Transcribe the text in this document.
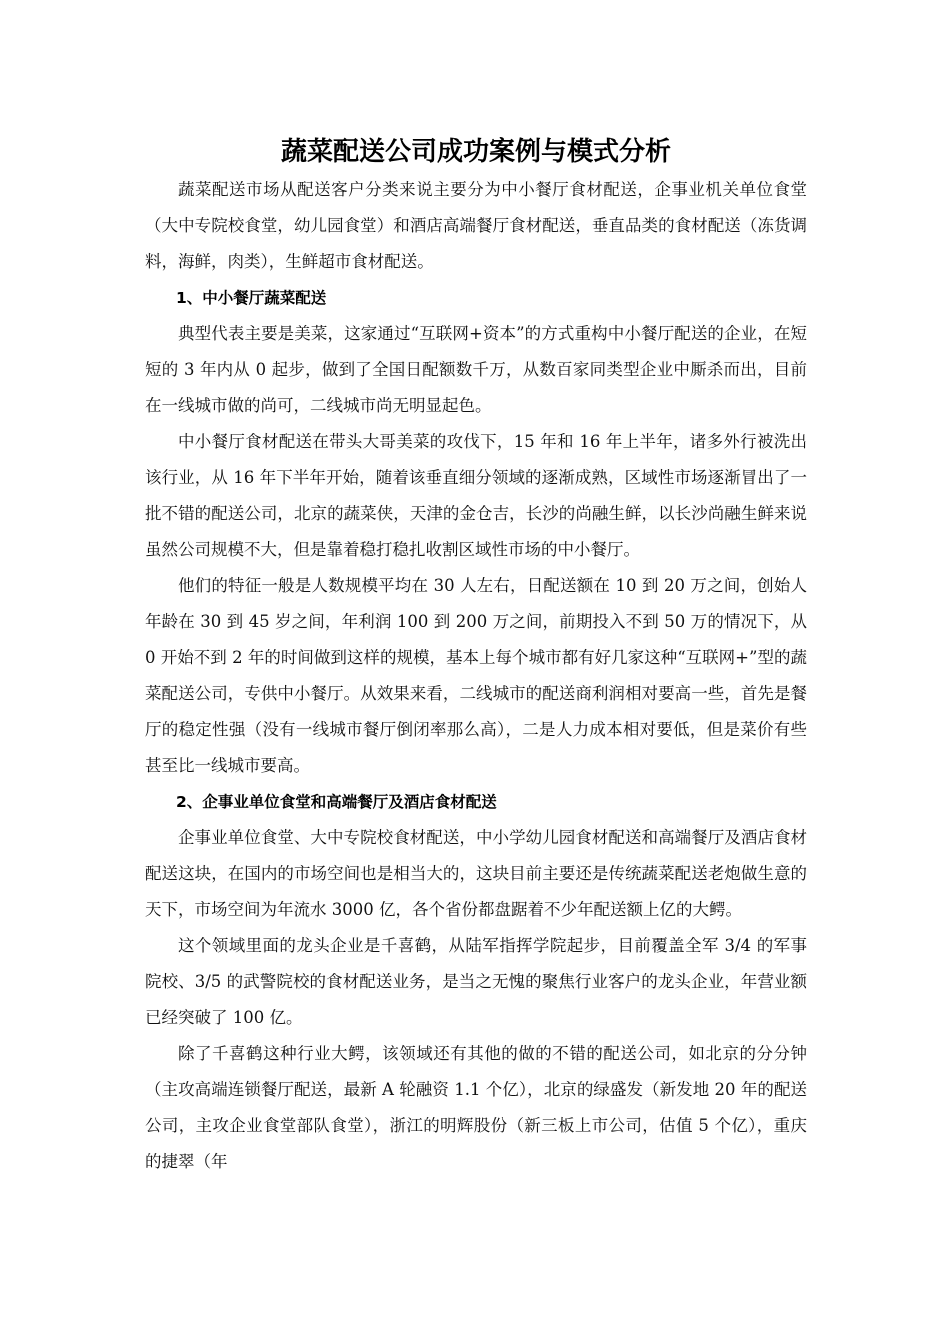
蔬菜配送公司成功案例与模式分析

蔬菜配送市场从配送客户分类来说主要分为中小餐厅食材配送，企事业机关单位食堂（大中专院校食堂，幼儿园食堂）和酒店高端餐厅食材配送，垂直品类的食材配送（冻货调料，海鲜，肉类），生鲜超市食材配送。

1、中小餐厅蔬菜配送

典型代表主要是美菜，这家通过“互联网+资本”的方式重构中小餐厅配送的企业，在短短的 3 年内从 0 起步，做到了全国日配额数千万，从数百家同类型企业中厮杀而出，目前在一线城市做的尚可，二线城市尚无明显起色。

中小餐厅食材配送在带头大哥美菜的攻伐下，15 年和 16 年上半年，诸多外行被洗出该行业，从 16 年下半年开始，随着该垂直细分领域的逐渐成熟，区域性市场逐渐冒出了一批不错的配送公司，北京的蔬菜侠，天津的金仓吉，长沙的尚融生鲜，以长沙尚融生鲜来说虽然公司规模不大，但是靠着稳打稳扎收割区域性市场的中小餐厅。

他们的特征一般是人数规模平均在 30 人左右，日配送额在 10 到 20 万之间，创始人年龄在 30 到 45 岁之间，年利润 100 到 200 万之间，前期投入不到 50 万的情况下，从 0 开始不到 2 年的时间做到这样的规模，基本上每个城市都有好几家这种“互联网+”型的蔬菜配送公司，专供中小餐厅。从效果来看，二线城市的配送商利润相对要高一些，首先是餐厅的稳定性强（没有一线城市餐厅倒闭率那么高），二是人力成本相对要低，但是菜价有些甚至比一线城市要高。

2、企事业单位食堂和高端餐厅及酒店食材配送

企事业单位食堂、大中专院校食材配送，中小学幼儿园食材配送和高端餐厅及酒店食材配送这块，在国内的市场空间也是相当大的，这块目前主要还是传统蔬菜配送老炮做生意的天下，市场空间为年流水 3000 亿，各个省份都盘踞着不少年配送额上亿的大鳄。

这个领域里面的龙头企业是千喜鹤，从陆军指挥学院起步，目前覆盖全军 3/4 的军事院校、3/5 的武警院校的食材配送业务，是当之无愧的聚焦行业客户的龙头企业，年营业额已经突破了 100 亿。

除了千喜鹤这种行业大鳄，该领域还有其他的做的不错的配送公司，如北京的分分钟（主攻高端连锁餐厅配送，最新 A 轮融资 1.1 个亿），北京的绿盛发（新发地 20 年的配送公司，主攻企业食堂部队食堂），浙江的明辉股份（新三板上市公司，估值 5 个亿），重庆的捷翠（年
